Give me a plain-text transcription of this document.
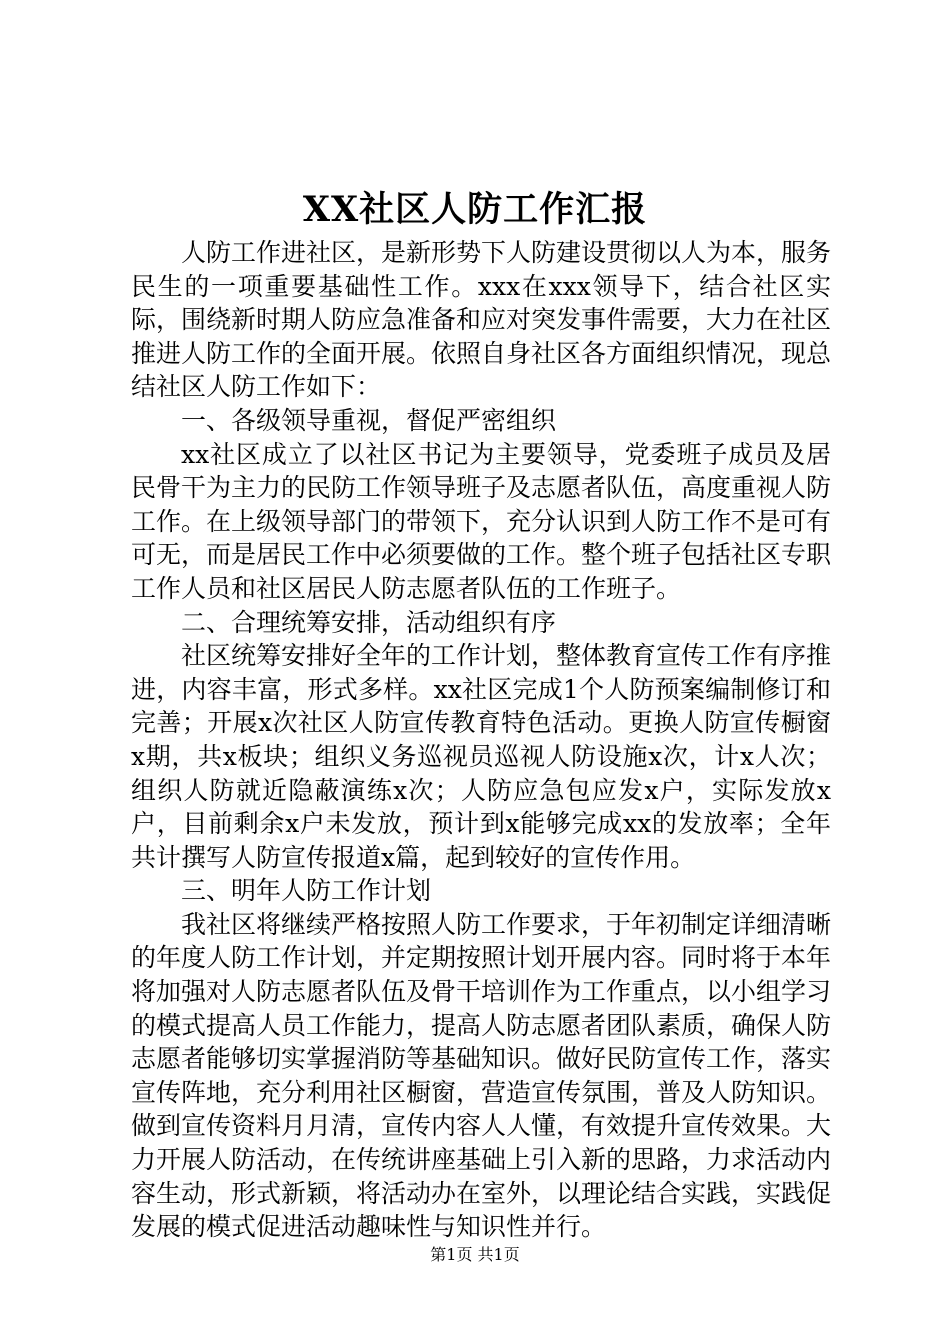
XX社区人防工作汇报

人防工作进社区，是新形势下人防建设贯彻以人为本，服务民生的一项重要基础性工作。xxx在xxx领导下，结合社区实际，围绕新时期人防应急准备和应对突发事件需要，大力在社区推进人防工作的全面开展。依照自身社区各方面组织情况，现总结社区人防工作如下：

一、各级领导重视，督促严密组织

xx社区成立了以社区书记为主要领导，党委班子成员及居民骨干为主力的民防工作领导班子及志愿者队伍，高度重视人防工作。在上级领导部门的带领下，充分认识到人防工作不是可有可无，而是居民工作中必须要做的工作。整个班子包括社区专职工作人员和社区居民人防志愿者队伍的工作班子。

二、合理统筹安排，活动组织有序

社区统筹安排好全年的工作计划，整体教育宣传工作有序推进，内容丰富，形式多样。xx社区完成1个人防预案编制修订和完善；开展x次社区人防宣传教育特色活动。更换人防宣传橱窗x期，共x板块；组织义务巡视员巡视人防设施x次，计x人次；组织人防就近隐蔽演练x次；人防应急包应发x户，实际发放x户，目前剩余x户未发放，预计到x能够完成xx的发放率；全年共计撰写人防宣传报道x篇，起到较好的宣传作用。

三、明年人防工作计划

我社区将继续严格按照人防工作要求，于年初制定详细清晰的年度人防工作计划，并定期按照计划开展内容。同时将于本年将加强对人防志愿者队伍及骨干培训作为工作重点，以小组学习的模式提高人员工作能力，提高人防志愿者团队素质，确保人防志愿者能够切实掌握消防等基础知识。做好民防宣传工作，落实宣传阵地，充分利用社区橱窗，营造宣传氛围，普及人防知识。做到宣传资料月月清，宣传内容人人懂，有效提升宣传效果。大力开展人防活动，在传统讲座基础上引入新的思路，力求活动内容生动，形式新颖，将活动办在室外，以理论结合实践，实践促发展的模式促进活动趣味性与知识性并行。

第1页 共1页
